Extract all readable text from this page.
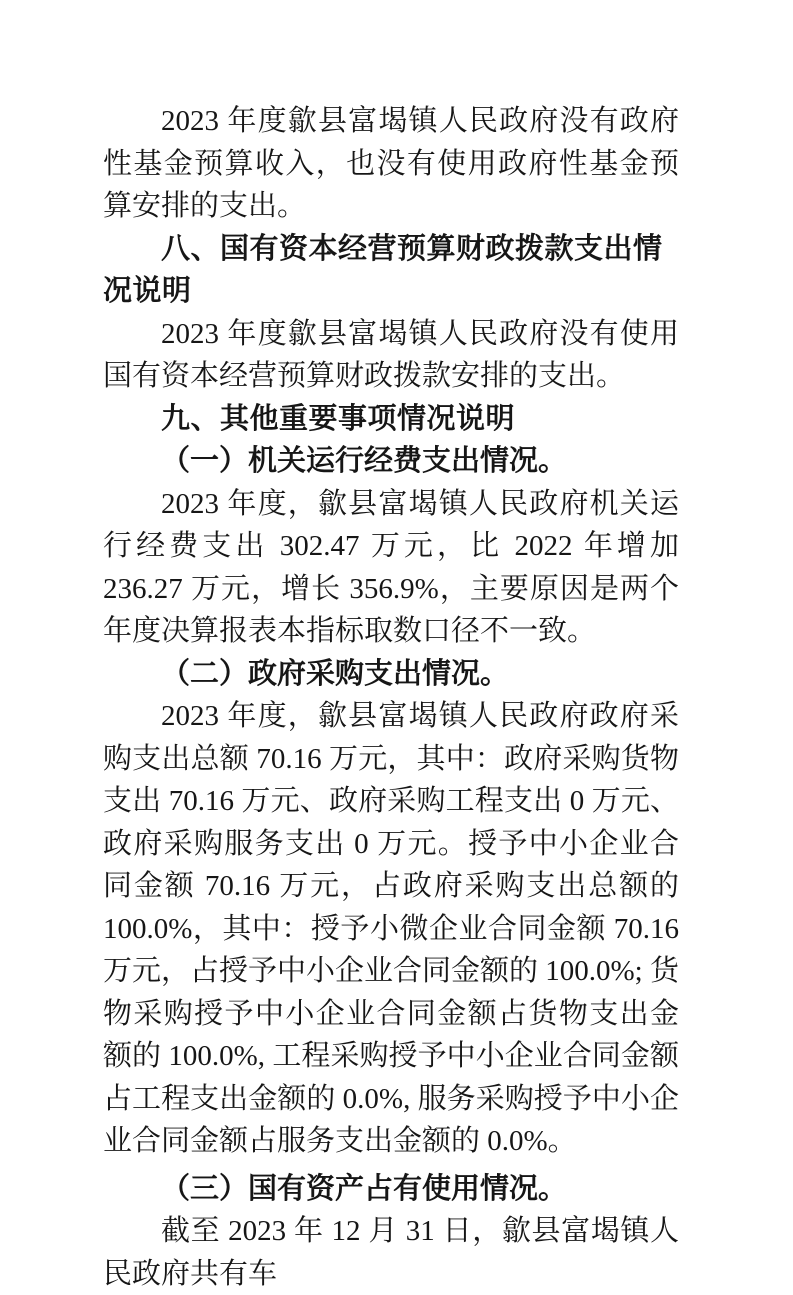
2023 年度歙县富堨镇人民政府没有政府性基金预算收入，也没有使用政府性基金预算安排的支出。

八、国有资本经营预算财政拨款支出情况说明

2023 年度歙县富堨镇人民政府没有使用国有资本经营预算财政拨款安排的支出。

九、其他重要事项情况说明

（一）机关运行经费支出情况。

2023 年度，歙县富堨镇人民政府机关运行经费支出 302.47 万元，比 2022 年增加 236.27 万元，增长 356.9%，主要原因是两个年度决算报表本指标取数口径不一致。

（二）政府采购支出情况。

2023 年度，歙县富堨镇人民政府政府采购支出总额 70.16 万元，其中：政府采购货物支出 70.16 万元、政府采购工程支出 0 万元、政府采购服务支出 0 万元。授予中小企业合同金额 70.16 万元，占政府采购支出总额的 100.0%，其中：授予小微企业合同金额 70.16 万元，占授予中小企业合同金额的 100.0%; 货物采购授予中小企业合同金额占货物支出金额的 100.0%, 工程采购授予中小企业合同金额占工程支出金额的 0.0%, 服务采购授予中小企业合同金额占服务支出金额的 0.0%。

（三）国有资产占有使用情况。

截至 2023 年 12 月 31 日，歙县富堨镇人民政府共有车
